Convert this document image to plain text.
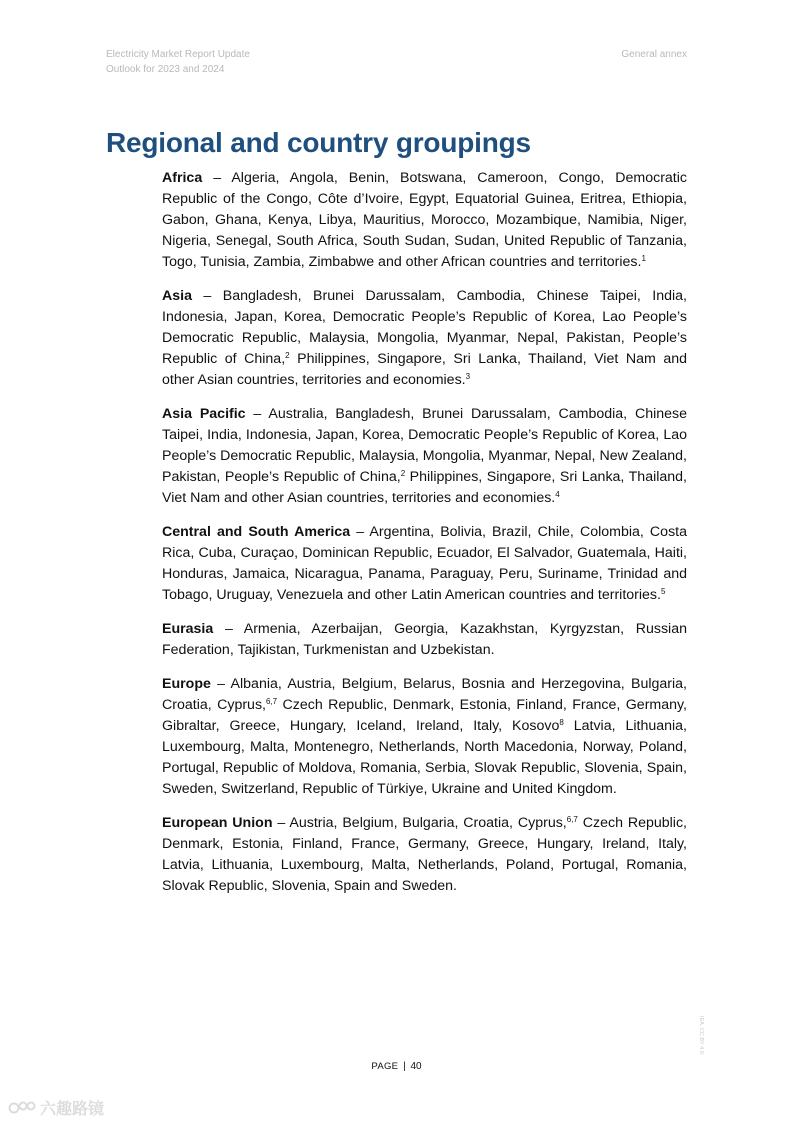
Electricity Market Report Update
Outlook for 2023 and 2024
General annex
Regional and country groupings

Africa – Algeria, Angola, Benin, Botswana, Cameroon, Congo, Democratic Republic of the Congo, Côte d’Ivoire, Egypt, Equatorial Guinea, Eritrea, Ethiopia, Gabon, Ghana, Kenya, Libya, Mauritius, Morocco, Mozambique, Namibia, Niger, Nigeria, Senegal, South Africa, South Sudan, Sudan, United Republic of Tanzania, Togo, Tunisia, Zambia, Zimbabwe and other African countries and territories.$^1$

Asia – Bangladesh, Brunei Darussalam, Cambodia, Chinese Taipei, India, Indonesia, Japan, Korea, Democratic People’s Republic of Korea, Lao People’s Democratic Republic, Malaysia, Mongolia, Myanmar, Nepal, Pakistan, People’s Republic of China,$^2$ Philippines, Singapore, Sri Lanka, Thailand, Viet Nam and other Asian countries, territories and economies.$^3$

Asia Pacific – Australia, Bangladesh, Brunei Darussalam, Cambodia, Chinese Taipei, India, Indonesia, Japan, Korea, Democratic People’s Republic of Korea, Lao People’s Democratic Republic, Malaysia, Mongolia, Myanmar, Nepal, New Zealand, Pakistan, People’s Republic of China,$^2$ Philippines, Singapore, Sri Lanka, Thailand, Viet Nam and other Asian countries, territories and economies.$^4$

Central and South America – Argentina, Bolivia, Brazil, Chile, Colombia, Costa Rica, Cuba, Curaçao, Dominican Republic, Ecuador, El Salvador, Guatemala, Haiti, Honduras, Jamaica, Nicaragua, Panama, Paraguay, Peru, Suriname, Trinidad and Tobago, Uruguay, Venezuela and other Latin American countries and territories.$^5$

Eurasia – Armenia, Azerbaijan, Georgia, Kazakhstan, Kyrgyzstan, Russian Federation, Tajikistan, Turkmenistan and Uzbekistan.

Europe – Albania, Austria, Belgium, Belarus, Bosnia and Herzegovina, Bulgaria, Croatia, Cyprus,$^{6,7}$ Czech Republic, Denmark, Estonia, Finland, France, Germany, Gibraltar, Greece, Hungary, Iceland, Ireland, Italy, Kosovo$^8$ Latvia, Lithuania, Luxembourg, Malta, Montenegro, Netherlands, North Macedonia, Norway, Poland, Portugal, Republic of Moldova, Romania, Serbia, Slovak Republic, Slovenia, Spain, Sweden, Switzerland, Republic of Türkiye, Ukraine and United Kingdom.

European Union – Austria, Belgium, Bulgaria, Croatia, Cyprus,$^{6,7}$ Czech Republic, Denmark, Estonia, Finland, France, Germany, Greece, Hungary, Ireland, Italy, Latvia, Lithuania, Luxembourg, Malta, Netherlands, Poland, Portugal, Romania, Slovak Republic, Slovenia, Spain and Sweden.

PAGE | 40
IEA. CC BY 4.0.
六趣路镜
